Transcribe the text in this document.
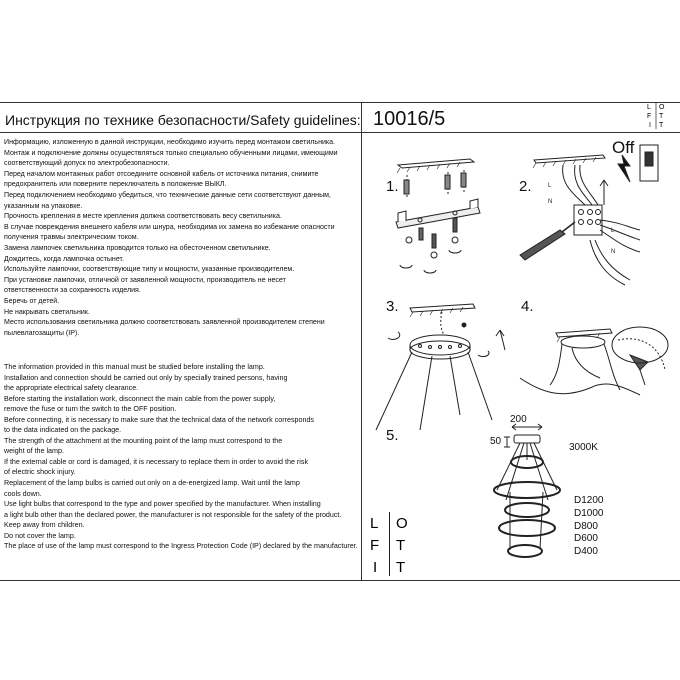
Инструкция по технике безопасности/Safety guidelines: 10016/5
L O
F T
I T
Информацию, изложенную в данной инструкции, необходимо изучить перед монтажом светильника.
Монтаж и подключение должны осуществляться только специально обученными лицами, имеющими
соответствующий допуск по электробезопасности.
Перед началом монтажных работ отсоедините основной кабель от источника питания, снимите
предохранитель или поверните переключатель в положение ВЫКЛ.
Перед подключением необходимо убедиться, что технические данные сети соответствуют данным,
указанным на упаковке.
Прочность крепления в месте крепления должна соответствовать весу светильника.
В случае повреждения внешнего кабеля или шнура, необходима их замена во избежание опасности
получения травмы электрическим током.
Замена лампочек светильника проводится только на обесточенном светильнике.
Дождитесь, когда лампочка остынет.
Используйте лампочки, соответствующие типу и мощности, указанные производителем.
При установке лампочки, отличной от заявленной мощности, производитель не несет
ответственности за сохранность изделия.
Беречь от детей.
Не накрывать светильник.
Место использования светильника должно соответствовать заявленной производителем степени
пылевлагозащиты (IP).
The information provided in this manual must be studied before installing the lamp.
Installation and connection should be carried out only by specially trained persons, having
the appropriate electrical safety clearance.
Before starting the installation work, disconnect the main cable from the power supply,
remove the fuse or turn the switch to the OFF position.
Before connecting, it is necessary to make sure that the technical data of the network corresponds
to the data indicated on the package.
The strength of the attachment at the mounting point of the lamp must correspond to the
weight of the lamp.
If the external cable or cord is damaged, it is necessary to replace them in order to avoid the risk
of electric shock injury.
Replacement of the lamp bulbs is carried out only on a de-energized lamp. Wait until the lamp
cools down.
Use light bulbs that correspond to the type and power specified by the manufacturer. When installing
a light bulb other than the declared power, the manufacturer is not responsible for the safety of the product.
Keep away from children.
Do not cover the lamp.
The place of use of the lamp must correspond to the Ingress Protection Code (IP) declared by the manufacturer.
1.	2.
3.	4.
5.
Off
L
N
L
N
200
50
3000K
D1200
D1000
D800
D600
D400
L O
F T
I T
